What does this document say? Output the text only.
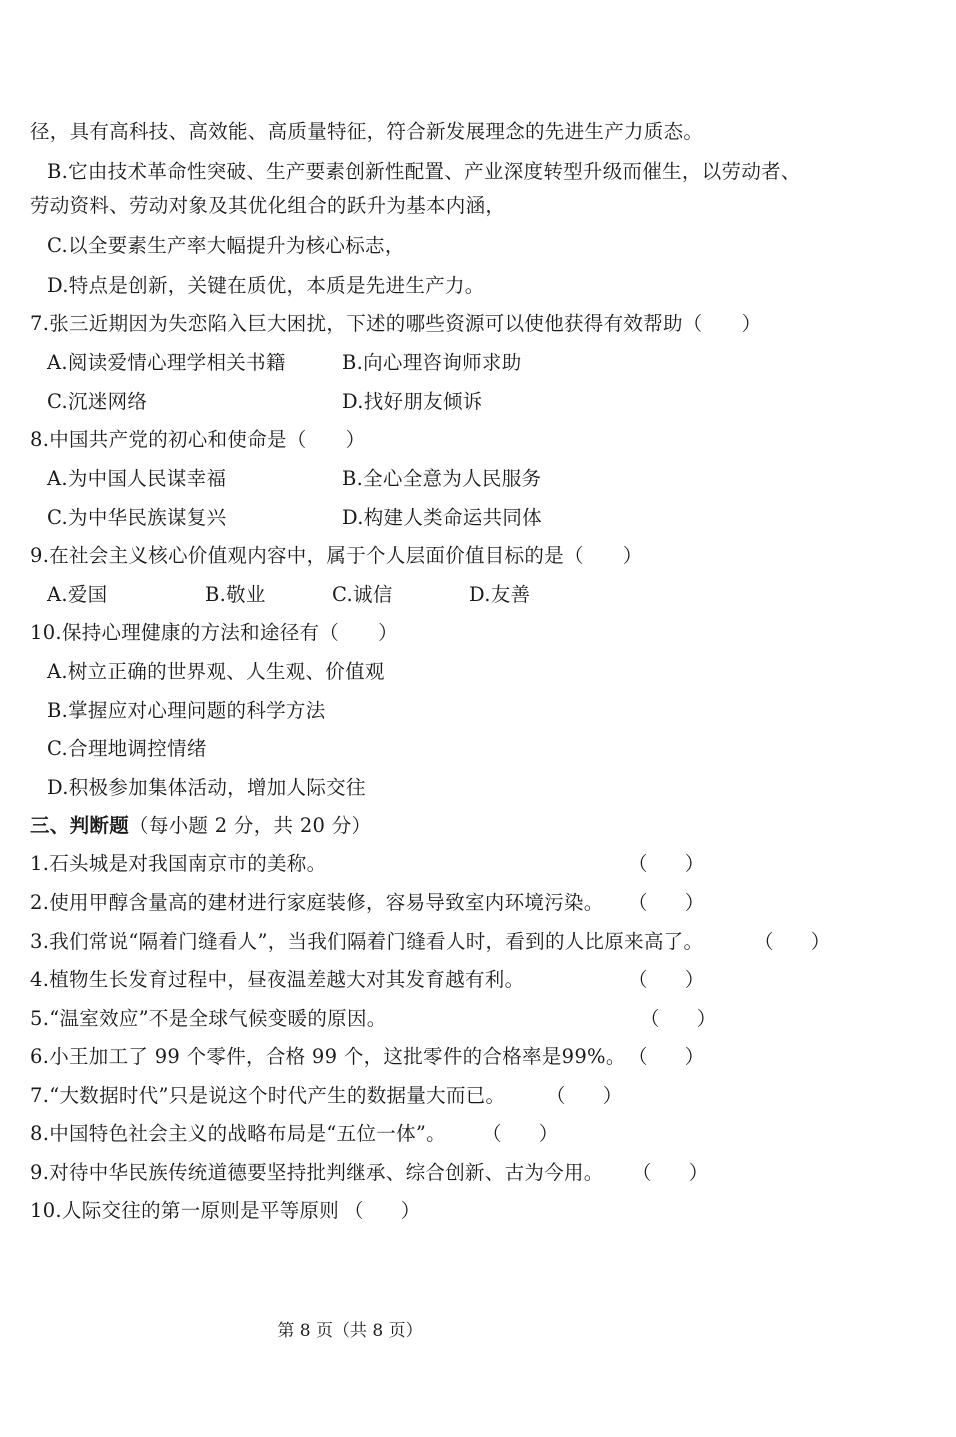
径，具有高科技、高效能、高质量特征，符合新发展理念的先进生产力质态。
B.它由技术革命性突破、生产要素创新性配置、产业深度转型升级而催生，以劳动者、
劳动资料、劳动对象及其优化组合的跃升为基本内涵，
C.以全要素生产率大幅提升为核心标志，
D.特点是创新，关键在质优，本质是先进生产力。
7.张三近期因为失恋陷入巨大困扰，下述的哪些资源可以使他获得有效帮助（      ）
A.阅读爱情心理学相关书籍	B.向心理咨询师求助
C.沉迷网络	D.找好朋友倾诉
8.中国共产党的初心和使命是（      ）
A.为中国人民谋幸福	B.全心全意为人民服务
C.为中华民族谋复兴	D.构建人类命运共同体
9.在社会主义核心价值观内容中，属于个人层面价值目标的是（      ）
A.爱国	B.敬业	C.诚信	D.友善
10.保持心理健康的方法和途径有（      ）
A.树立正确的世界观、人生观、价值观
B.掌握应对心理问题的科学方法
C.合理地调控情绪
D.积极参加集体活动，增加人际交往
三、判断题（每小题 2 分，共 20 分）
1.石头城是对我国南京市的美称。	（      ）
2.使用甲醇含量高的建材进行家庭装修，容易导致室内环境污染。 （      ）
3.我们常说“隔着门缝看人”，当我们隔着门缝看人时，看到的人比原来高了。	（      ）
4.植物生长发育过程中，昼夜温差越大对其发育越有利。	（      ）
5.“温室效应”不是全球气候变暖的原因。	（      ）
6.小王加工了 99 个零件，合格 99 个，这批零件的合格率是99%。 （      ）
7.“大数据时代”只是说这个时代产生的数据量大而已。 （      ）
8.中国特色社会主义的战略布局是“五位一体”。 （      ）
9.对待中华民族传统道德要坚持批判继承、综合创新、古为今用。 （      ）
10.人际交往的第一原则是平等原则 （      ）
第 8 页（共 8 页）
